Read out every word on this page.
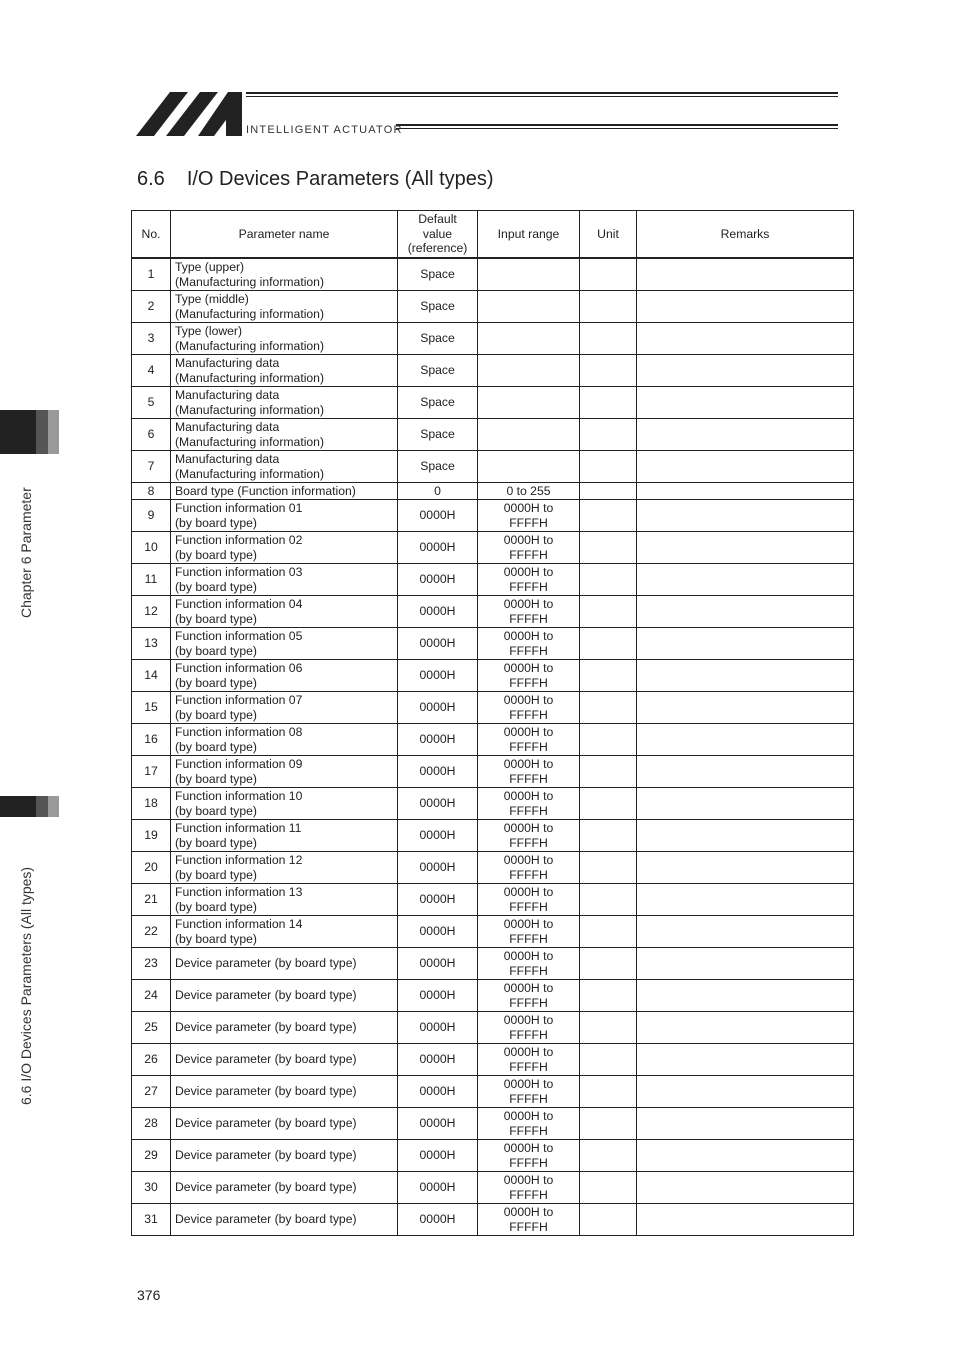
INTELLIGENT ACTUATOR
6.6 I/O Devices Parameters (All types)
Chapter 6 Parameter
6.6 I/O Devices Parameters (All types)
No.	Parameter name	Default value (reference)	Input range	Unit	Remarks
1	Type (upper)
(Manufacturing information)	Space			
2	Type (middle)
(Manufacturing information)	Space			
3	Type (lower)
(Manufacturing information)	Space			
4	Manufacturing data
(Manufacturing information)	Space			
5	Manufacturing data
(Manufacturing information)	Space			
6	Manufacturing data
(Manufacturing information)	Space			
7	Manufacturing data
(Manufacturing information)	Space			
8	Board type (Function information)	0	0 to 255		
9	Function information 01
(by board type)	0000H	0000H to
FFFFH		
10	Function information 02
(by board type)	0000H	0000H to
FFFFH		
11	Function information 03
(by board type)	0000H	0000H to
FFFFH		
12	Function information 04
(by board type)	0000H	0000H to
FFFFH		
13	Function information 05
(by board type)	0000H	0000H to
FFFFH		
14	Function information 06
(by board type)	0000H	0000H to
FFFFH		
15	Function information 07
(by board type)	0000H	0000H to
FFFFH		
16	Function information 08
(by board type)	0000H	0000H to
FFFFH		
17	Function information 09
(by board type)	0000H	0000H to
FFFFH		
18	Function information 10
(by board type)	0000H	0000H to
FFFFH		
19	Function information 11
(by board type)	0000H	0000H to
FFFFH		
20	Function information 12
(by board type)	0000H	0000H to
FFFFH		
21	Function information 13
(by board type)	0000H	0000H to
FFFFH		
22	Function information 14
(by board type)	0000H	0000H to
FFFFH		
23	Device parameter (by board type)	0000H	0000H to
FFFFH		
24	Device parameter (by board type)	0000H	0000H to
FFFFH		
25	Device parameter (by board type)	0000H	0000H to
FFFFH		
26	Device parameter (by board type)	0000H	0000H to
FFFFH		
27	Device parameter (by board type)	0000H	0000H to
FFFFH		
28	Device parameter (by board type)	0000H	0000H to
FFFFH		
29	Device parameter (by board type)	0000H	0000H to
FFFFH		
30	Device parameter (by board type)	0000H	0000H to
FFFFH		
31	Device parameter (by board type)	0000H	0000H to
FFFFH		
376
